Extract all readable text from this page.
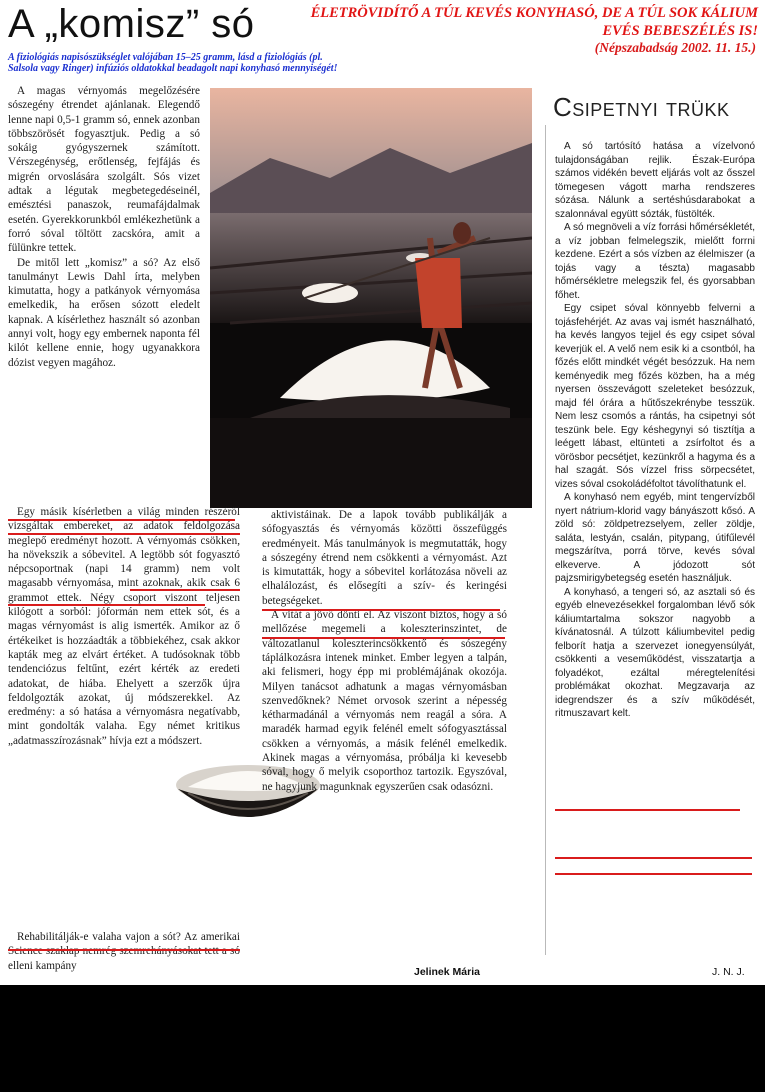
A „komisz” só	ÉLETRÖVIDÍTŐ A TÚL KEVÉS KONYHASÓ, DE A TÚL SOK KÁLIUM EVÉS BEBESZÉLÉS IS!
(Népszabadság 2002. 11. 15.)
A fiziológiás napisószükséglet valójában 15–25 gramm, lásd a fiziológiás (pl. Salsola vagy Ringer) infúziós oldatokkal beadagolt napi konyhasó mennyiségét!

A magas vérnyomás megelőzésére sószegény étrendet ajánlanak. Elegendő lenne napi 0,5-1 gramm só, ennek azonban többszörösét fogyasztjuk. Pedig a só sokáig gyógyszernek számított. Vérszegénység, erőtlenség, fejfájás és migrén orvoslására szolgált. Sós vizet adtak a légutak megbetegedéseinél, emésztési panaszok, reumafájdalmak esetén. Gyerekkorunkból emlékezhetünk a forró sóval töltött zacskóra, amit a fülünkre tettek.

De mitől lett „komisz” a só? Az első tanulmányt Lewis Dahl írta, melyben kimutatta, hogy a patkányok vérnyomása emelkedik, ha erősen sózott eledelt kapnak. A kísérlethez használt só azonban annyi volt, hogy egy embernek naponta fél kilót kellene ennie, hogy ugyanakkora dózist vegyen magához.

Egy másik kísérletben a világ minden részéről vizsgáltak embereket, az adatok feldolgozása meglepő eredményt hozott. A vérnyomás csökken, ha növekszik a sóbevitel. A legtöbb sót fogyasztó népcsoportnak (napi 14 gramm) nem volt magasabb vérnyomása, mint azoknak, akik csak 6 grammot ettek. Négy csoport viszont teljesen kilógott a sorból: jóformán nem ettek sót, és a magas vérnyomást is alig ismerték. Amikor az ő értékeiket is hozzáadták a többiekéhez, csak akkor kapták meg az elvárt értéket. A tudósoknak több tendenciózus feltűnt, ezért kérték az eredeti adatokat, de hiába. Ehelyett a szerzők újra feldolgozták azokat, új módszerekkel. Az eredmény: a só hatása a vérnyomásra negatívabb, mint gondolták valaha. Egy német kritikus „adatmasszírozásnak” hívja ezt a módszert.

Rehabilitálják-e valaha vajon a sót? Az amerikai Science szaklap nemrég szemrehányásokat tett a só elleni kampány

aktivistáinak. De a lapok tovább publikálják a sófogyasztás és vérnyomás közötti összefüggés eredményeit. Más tanulmányok is megmutatták, hogy a sószegény étrend nem csökkenti a vérnyomást. Azt is kimutatták, hogy a sóbevitel korlátozása növeli az elhalálozást, és elősegíti a szív- és keringési betegségeket.

A vitát a jövő dönti el. Az viszont biztos, hogy a só mellőzése megemeli a koleszterinszintet, de változatlanul koleszterincsökkentő és sószegény táplálkozásra intenek minket. Ember legyen a talpán, aki felismeri, hogy épp mi problémájának okozója. Milyen tanácsot adhatunk a magas vérnyomásban szenvedőknek? Német orvosok szerint a népesség kétharmadánál a vérnyomás nem reagál a sóra. A maradék harmad egyik felénél emelt sófogyasztással csökken a vérnyomás, a másik felénél emelkedik. Akinek magas a vérnyomása, próbálja ki kevesebb sóval, hogy ő melyik csoporthoz tartozik. Egyszóval, ne hagyjunk magunknak egyszerűen csak odasózni.

Jelinek Mária
Csipetnyi trükk

A só tartósító hatása a vízelvonó tulajdonságában rejlik. Észak-Európa számos vidékén bevett eljárás volt az ősszel tömegesen vágott marha rendszeres sózása. Nálunk a sertéshúsdarabokat a szalonnával együtt sózták, füstölték.

A só megnöveli a víz forrási hőmérsékletét, a víz jobban felmelegszik, mielőtt forrni kezdene. Ezért a sós vízben az élelmiszer (a tojás vagy a tészta) magasabb hőmérsékletre melegszik fel, és gyorsabban főhet.

Egy csipet sóval könnyebb felverni a tojásfehérjét. Az avas vaj ismét használható, ha kevés langyos tejjel és egy csipet sóval keverjük el. A velő nem esik ki a csontból, ha főzés előtt mindkét végét besózzuk. Ha nem keményedik meg főzés közben, ha a még nyersen összevágott szeleteket besózzuk, majd fél órára a hűtőszekrénybe tesszük. Nem lesz csomós a rántás, ha csipetnyi sót teszünk bele. Egy késhegynyi só tisztítja a leégett lábast, eltünteti a zsírfoltot és a vörösbor pecsétjet, kezünkről a hagyma és a hal szagát. Sós vízzel friss sörpecsétet, vizes sóval csokoládéfoltot távolíthatunk el.

A konyhasó nem egyéb, mint tengervízből nyert nátrium-klorid vagy bányászott kősó. A zöld só: zöldpetrezselyem, zeller zöldje, saláta, lestyán, csalán, pitypang, útifűlevél megszárítva, porrá törve, kevés sóval elkeverve. A jódozott sót pajzsmirigybetegség esetén használjuk.

A konyhasó, a tengeri só, az asztali só és egyéb elnevezésekkel forgalomban lévő sók káliumtartalma sokszor nagyobb a kívánatosnál. A túlzott káliumbevitel pedig felborít hatja a szervezet ionegyensúlyát, csökkenti a veseműködést, visszatartja a folyadékot, ezáltal méregtelenítési problémákat okozhat. Megzavarja az idegrendszer és a szív működését, ritmuszavart kelt.

J. N. J.
